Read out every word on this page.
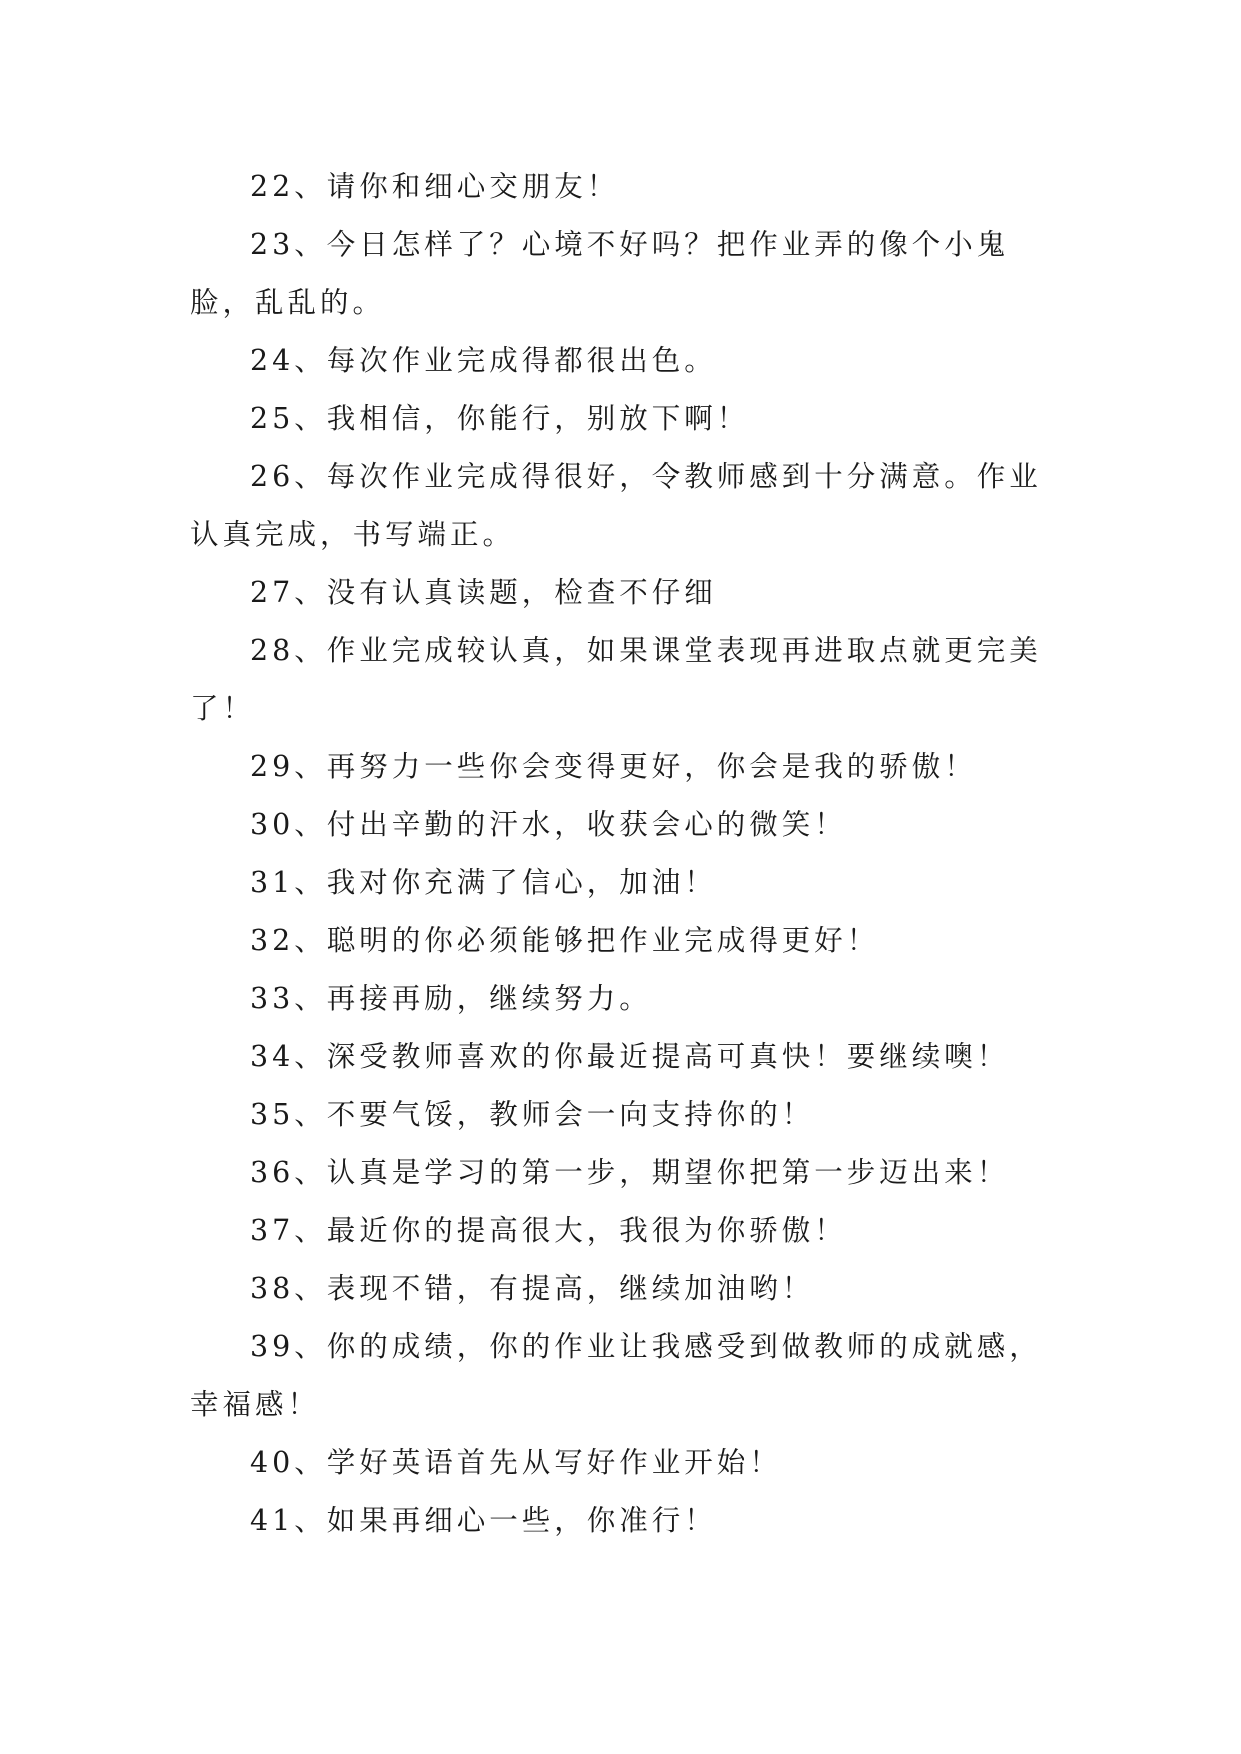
22、请你和细心交朋友！

23、今日怎样了？心境不好吗？把作业弄的像个小鬼脸，乱乱的。

24、每次作业完成得都很出色。

25、我相信，你能行，别放下啊！

26、每次作业完成得很好，令教师感到十分满意。作业认真完成，书写端正。

27、没有认真读题，检查不仔细

28、作业完成较认真，如果课堂表现再进取点就更完美了！

29、再努力一些你会变得更好，你会是我的骄傲！

30、付出辛勤的汗水，收获会心的微笑！

31、我对你充满了信心，加油！

32、聪明的你必须能够把作业完成得更好！

33、再接再励，继续努力。

34、深受教师喜欢的你最近提高可真快！要继续噢！

35、不要气馁，教师会一向支持你的！

36、认真是学习的第一步，期望你把第一步迈出来！

37、最近你的提高很大，我很为你骄傲！

38、表现不错，有提高，继续加油哟！

39、你的成绩，你的作业让我感受到做教师的成就感，幸福感！

40、学好英语首先从写好作业开始！

41、如果再细心一些，你准行！
